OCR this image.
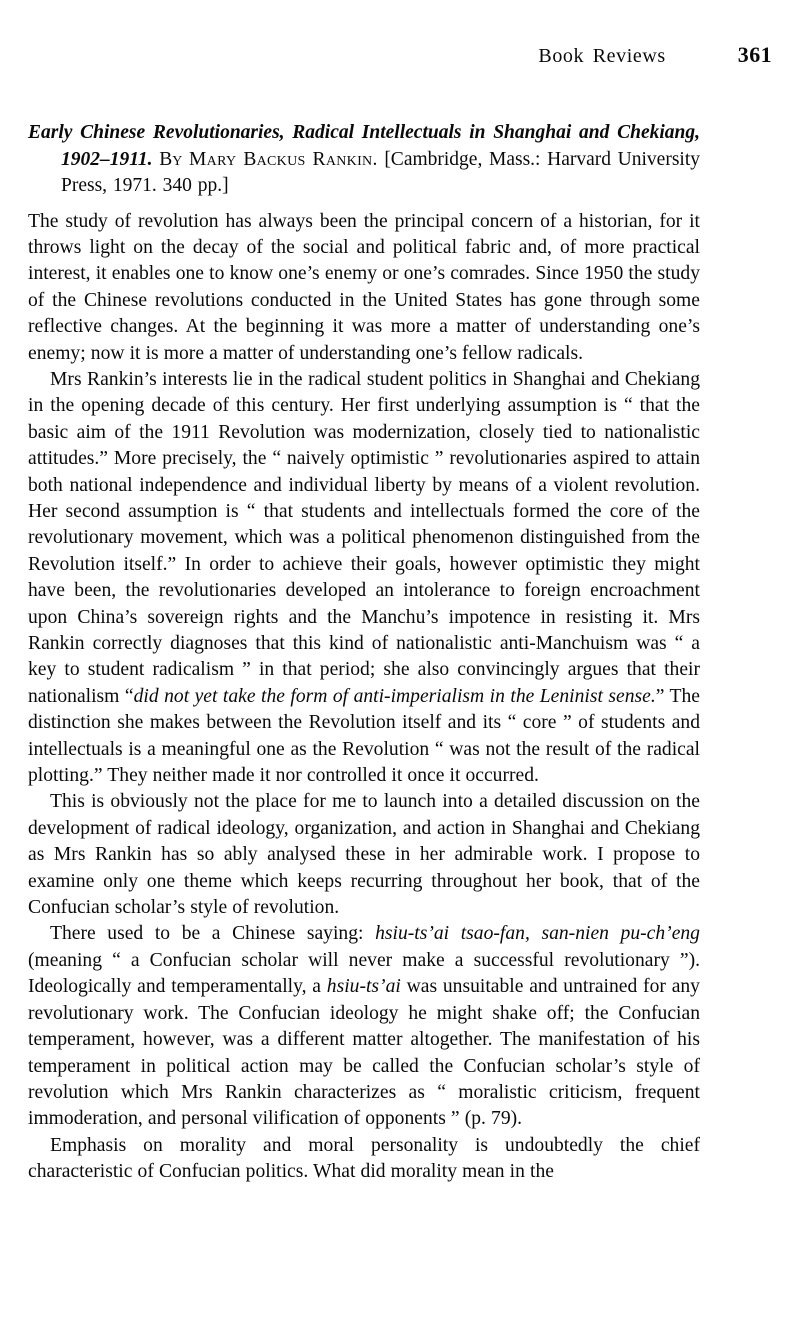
Book Reviews	361
Early Chinese Revolutionaries, Radical Intellectuals in Shanghai and Chekiang, 1902–1911. By Mary Backus Rankin. [Cambridge, Mass.: Harvard University Press, 1971. 340 pp.]

The study of revolution has always been the principal concern of a historian, for it throws light on the decay of the social and political fabric and, of more practical interest, it enables one to know one’s enemy or one’s comrades. Since 1950 the study of the Chinese revolutions conducted in the United States has gone through some reflective changes. At the beginning it was more a matter of understanding one’s enemy; now it is more a matter of understanding one’s fellow radicals.

Mrs Rankin’s interests lie in the radical student politics in Shanghai and Chekiang in the opening decade of this century. Her first underlying assumption is “ that the basic aim of the 1911 Revolution was modernization, closely tied to nationalistic attitudes.” More precisely, the “ naively optimistic ” revolutionaries aspired to attain both national independence and individual liberty by means of a violent revolution. Her second assumption is “ that students and intellectuals formed the core of the revolutionary movement, which was a political phenomenon distinguished from the Revolution itself.” In order to achieve their goals, however optimistic they might have been, the revolutionaries developed an intolerance to foreign encroachment upon China’s sovereign rights and the Manchu’s impotence in resisting it. Mrs Rankin correctly diagnoses that this kind of nationalistic anti-Manchuism was “ a key to student radicalism ” in that period; she also convincingly argues that their nationalism “did not yet take the form of anti-imperialism in the Leninist sense.” The distinction she makes between the Revolution itself and its “ core ” of students and intellectuals is a meaningful one as the Revolution “ was not the result of the radical plotting.” They neither made it nor controlled it once it occurred.

This is obviously not the place for me to launch into a detailed discussion on the development of radical ideology, organization, and action in Shanghai and Chekiang as Mrs Rankin has so ably analysed these in her admirable work. I propose to examine only one theme which keeps recurring throughout her book, that of the Confucian scholar’s style of revolution.

There used to be a Chinese saying: hsiu-ts’ai tsao-fan, san-nien pu-ch’eng (meaning “ a Confucian scholar will never make a successful revolutionary ”). Ideologically and temperamentally, a hsiu-ts’ai was unsuitable and untrained for any revolutionary work. The Confucian ideology he might shake off; the Confucian temperament, however, was a different matter altogether. The manifestation of his temperament in political action may be called the Confucian scholar’s style of revolution which Mrs Rankin characterizes as “ moralistic criticism, frequent immoderation, and personal vilification of opponents ” (p. 79).

Emphasis on morality and moral personality is undoubtedly the chief characteristic of Confucian politics. What did morality mean in the
